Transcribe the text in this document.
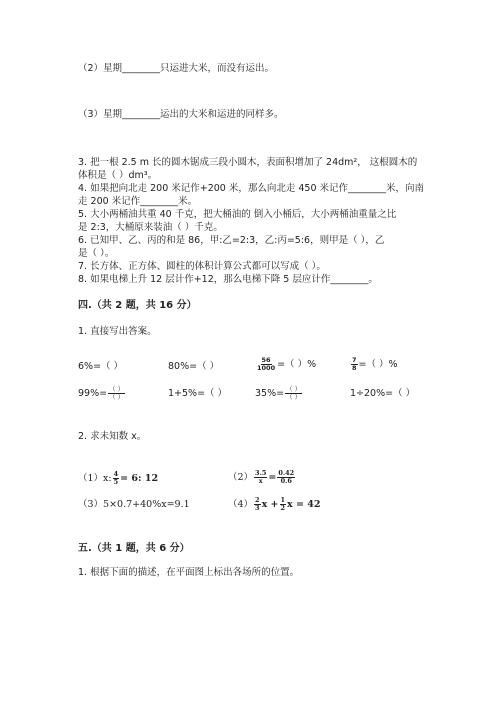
（2）星期________只运进大米，而没有运出。
（3）星期________运出的大米和运进的同样多。
3. 把一根 2.5 m 长的圆木锯成三段小圆木，表面积增加了 24dm²， 这根圆木的
体积是（ ）dm³。
4. 如果把向北走 200 米记作+200 米，那么向北走 450 米记作________米，向南
走 200 米记作________米。
5. 大小两桶油共重 40 千克，把大桶油的 倒入小桶后，大小两桶油重量之比
是 2:3，大桶原来装油（ ）千克。
6. 已知甲、乙、丙的和是 86，甲:乙=2:3，乙:丙=5:6，则甲是（ ），乙
是（ ）。
7. 长方体、正方体、圆柱的体积计算公式都可以写成（ ）。
8. 如果电梯上升 12 层计作+12，那么电梯下降 5 层应计作________。
四.（共 2 题，共 16 分）
1. 直接写出答案。
6%=（ ）	80%=（ ）	$\frac{56}{1000}$ =（ ）%	$\frac{7}{8}$ =（ ）%
$99\%= \frac{( )}{( )}$	1+5%=（ ）	$35\%= \frac{( )}{( )}$	1÷20%=（ ）
2. 求未知数 x。
（1）x: $\frac{4}{5} = 6$: 12	$(2) \frac{3.5}{x} = \frac{0.42}{0.6}$
（3）5×0.7+40%x=9.1	$(4) \frac{2}{3}$ $x + \frac{1}{2}$ x = 42
五.（共 1 题，共 6 分）
1. 根据下面的描述，在平面图上标出各场所的位置。
